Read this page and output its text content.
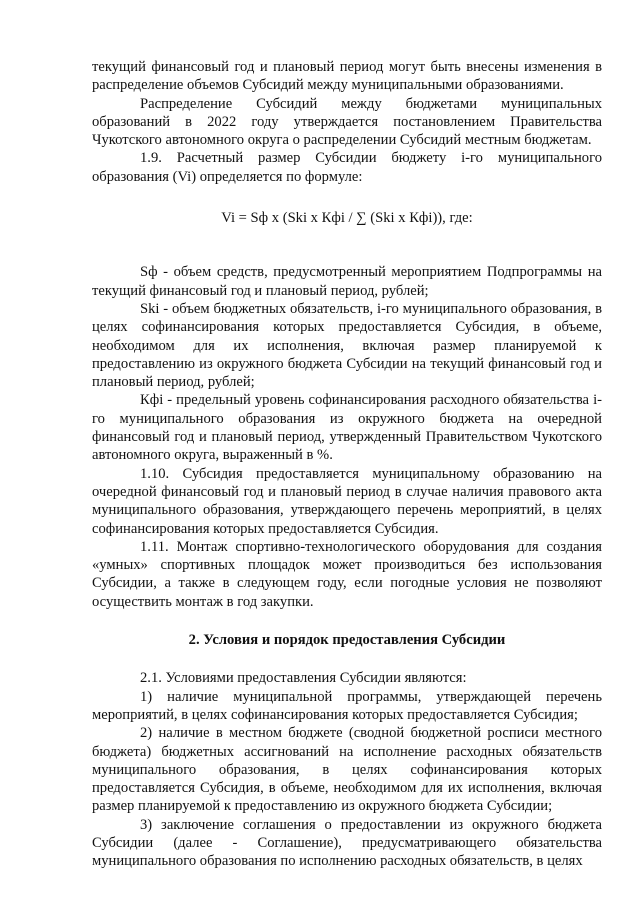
текущий финансовый год и плановый период могут быть внесены изменения в распределение объемов Субсидий между муниципальными образованиями.

Распределение Субсидий между бюджетами муниципальных образований в 2022 году утверждается постановлением Правительства Чукотского автономного округа о распределении Субсидий местным бюджетам.

1.9. Расчетный размер Субсидии бюджету i-го муниципального образования (Vi) определяется по формуле:

Vi = Sф x (Ski x Кфi / ∑ (Ski x Кфi)), где:

Sф - объем средств, предусмотренный мероприятием Подпрограммы на текущий финансовый год и плановый период, рублей;

Ski - объем бюджетных обязательств, i-го муниципального образования, в целях софинансирования которых предоставляется Субсидия, в объеме, необходимом для их исполнения, включая размер планируемой к предоставлению из окружного бюджета Субсидии на текущий финансовый год и плановый период, рублей;

Кфi - предельный уровень софинансирования расходного обязательства i-го муниципального образования из окружного бюджета на очередной финансовый год и плановый период, утвержденный Правительством Чукотского автономного округа, выраженный в %.

1.10. Субсидия предоставляется муниципальному образованию на очередной финансовый год и плановый период в случае наличия правового акта муниципального образования, утверждающего перечень мероприятий, в целях софинансирования которых предоставляется Субсидия.

1.11. Монтаж спортивно-технологического оборудования для создания «умных» спортивных площадок может производиться без использования Субсидии, а также в следующем году, если погодные условия не позволяют осуществить монтаж в год закупки.

2. Условия и порядок предоставления Субсидии

2.1. Условиями предоставления Субсидии являются:

1) наличие муниципальной программы, утверждающей перечень мероприятий, в целях софинансирования которых предоставляется Субсидия;

2) наличие в местном бюджете (сводной бюджетной росписи местного бюджета) бюджетных ассигнований на исполнение расходных обязательств муниципального образования, в целях софинансирования которых предоставляется Субсидия, в объеме, необходимом для их исполнения, включая размер планируемой к предоставлению из окружного бюджета Субсидии;

3) заключение соглашения о предоставлении из окружного бюджета Субсидии (далее - Соглашение), предусматривающего обязательства муниципального образования по исполнению расходных обязательств, в целях
